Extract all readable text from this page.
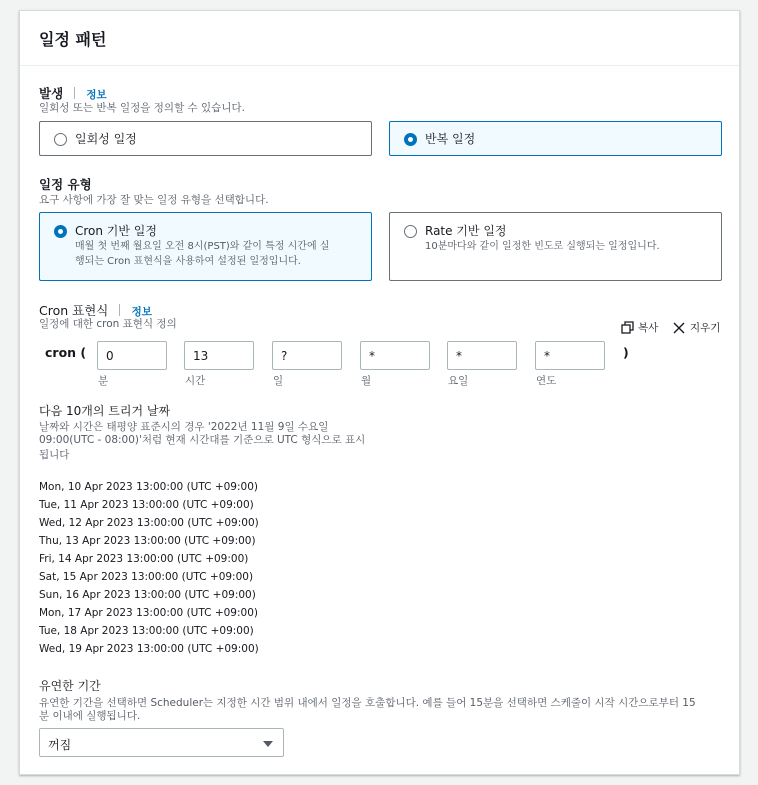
일정 패턴
발생 정보
일회성 또는 반복 일정을 정의할 수 있습니다.
일회성 일정	반복 일정
일정 유형
요구 사항에 가장 잘 맞는 일정 유형을 선택합니다.
Cron 기반 일정
매월 첫 번째 월요일 오전 8시(PST)와 같이 특정 시간에 실
행되는 Cron 표현식을 사용하여 설정된 일정입니다.
Rate 기반 일정
10분마다와 같이 일정한 빈도로 실행되는 일정입니다.
Cron 표현식 정보
일정에 대한 cron 표현식 정의	복사	지우기
cron (	0
분
13
시간
?
일
*
월
*
요일
*
연도
)
다음 10개의 트리거 날짜
날짜와 시간은 태평양 표준시의 경우 '2022년 11월 9일 수요일
09:00(UTC - 08:00)'처럼 현재 시간대를 기준으로 UTC 형식으로 표시
됩니다
Mon, 10 Apr 2023 13:00:00 (UTC +09:00)
Tue, 11 Apr 2023 13:00:00 (UTC +09:00)
Wed, 12 Apr 2023 13:00:00 (UTC +09:00)
Thu, 13 Apr 2023 13:00:00 (UTC +09:00)
Fri, 14 Apr 2023 13:00:00 (UTC +09:00)
Sat, 15 Apr 2023 13:00:00 (UTC +09:00)
Sun, 16 Apr 2023 13:00:00 (UTC +09:00)
Mon, 17 Apr 2023 13:00:00 (UTC +09:00)
Tue, 18 Apr 2023 13:00:00 (UTC +09:00)
Wed, 19 Apr 2023 13:00:00 (UTC +09:00)
유연한 기간
유연한 기간을 선택하면 Scheduler는 지정한 시간 범위 내에서 일정을 호출합니다. 예를 들어 15분을 선택하면 스케줄이 시작 시간으로부터 15
분 이내에 실행됩니다.
꺼짐
